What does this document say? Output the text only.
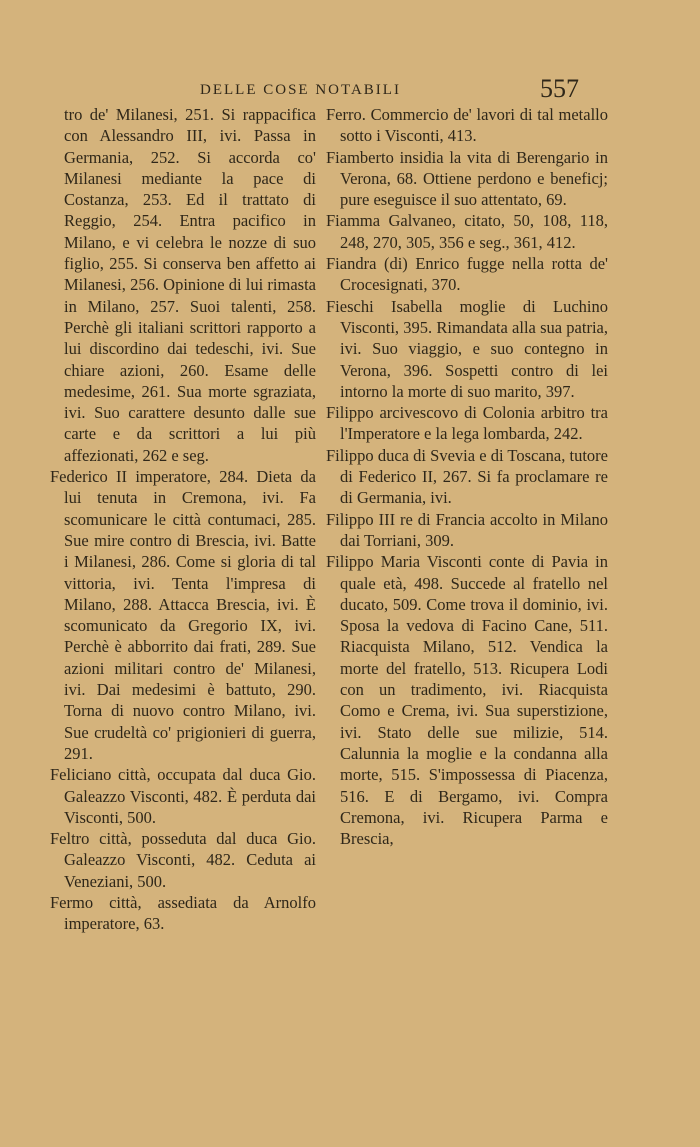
DELLE COSE NOTABILI	557

tro de' Milanesi, 251. Si rappacifica con Alessandro III, ivi. Passa in Germania, 252. Si accorda co' Milanesi mediante la pace di Costanza, 253. Ed il trattato di Reggio, 254. Entra pacifico in Milano, e vi celebra le nozze di suo figlio, 255. Si conserva ben affetto ai Milanesi, 256. Opinione di lui rimasta in Milano, 257. Suoi talenti, 258. Perchè gli italiani scrittori rapporto a lui discordino dai tedeschi, ivi. Sue chiare azioni, 260. Esame delle medesime, 261. Sua morte sgraziata, ivi. Suo carattere desunto dalle sue carte e da scrittori a lui più affezionati, 262 e seg.

Federico II imperatore, 284. Dieta da lui tenuta in Cremona, ivi. Fa scomunicare le città contumaci, 285. Sue mire contro di Brescia, ivi. Batte i Milanesi, 286. Come si gloria di tal vittoria, ivi. Tenta l'impresa di Milano, 288. Attacca Brescia, ivi. È scomunicato da Gregorio IX, ivi. Perchè è abborrito dai frati, 289. Sue azioni militari contro de' Milanesi, ivi. Dai medesimi è battuto, 290. Torna di nuovo contro Milano, ivi. Sue crudeltà co' prigionieri di guerra, 291.

Feliciano città, occupata dal duca Gio. Galeazzo Visconti, 482. È perduta dai Visconti, 500.

Feltro città, posseduta dal duca Gio. Galeazzo Visconti, 482. Ceduta ai Veneziani, 500.

Fermo città, assediata da Arnolfo imperatore, 63.

Ferro. Commercio de' lavori di tal metallo sotto i Visconti, 413.

Fiamberto insidia la vita di Berengario in Verona, 68. Ottiene perdono e beneficj; pure eseguisce il suo attentato, 69.

Fiamma Galvaneo, citato, 50, 108, 118, 248, 270, 305, 356 e seg., 361, 412.

Fiandra (di) Enrico fugge nella rotta de' Crocesignati, 370.

Fieschi Isabella moglie di Luchino Visconti, 395. Rimandata alla sua patria, ivi. Suo viaggio, e suo contegno in Verona, 396. Sospetti contro di lei intorno la morte di suo marito, 397.

Filippo arcivescovo di Colonia arbitro tra l'Imperatore e la lega lombarda, 242.

Filippo duca di Svevia e di Toscana, tutore di Federico II, 267. Si fa proclamare re di Germania, ivi.

Filippo III re di Francia accolto in Milano dai Torriani, 309.

Filippo Maria Visconti conte di Pavia in quale età, 498. Succede al fratello nel ducato, 509. Come trova il dominio, ivi. Sposa la vedova di Facino Cane, 511. Riacquista Milano, 512. Vendica la morte del fratello, 513. Ricupera Lodi con un tradimento, ivi. Riacquista Como e Crema, ivi. Sua superstizione, ivi. Stato delle sue milizie, 514. Calunnia la moglie e la condanna alla morte, 515. S'impossessa di Piacenza, 516. E di Bergamo, ivi. Compra Cremona, ivi. Ricupera Parma e Brescia,
